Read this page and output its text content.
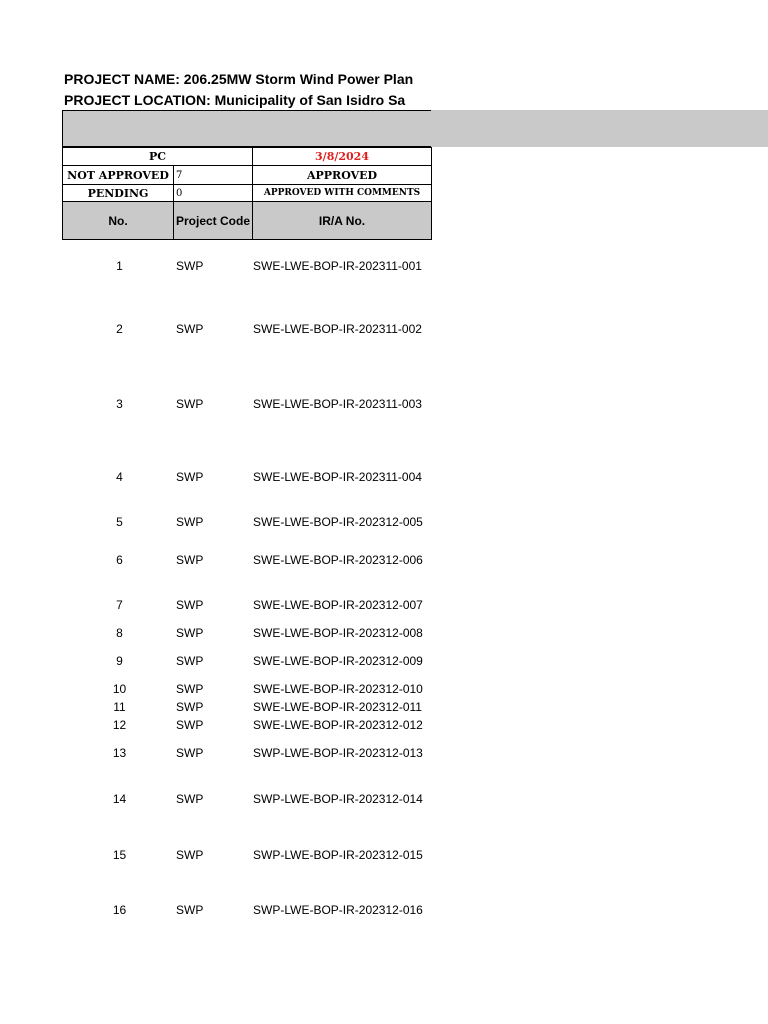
PROJECT NAME: 206.25MW Storm Wind Power Plan
PROJECT LOCATION: Municipality of San Isidro Sa
PC		3/8/2024
NOT APPROVED	7	APPROVED
PENDING	0	APPROVED WITH COMMENTS
No.	Project Code	IR/A No.
1	SWP	SWE-LWE-BOP-IR-202311-001
2	SWP	SWE-LWE-BOP-IR-202311-002
3	SWP	SWE-LWE-BOP-IR-202311-003
4	SWP	SWE-LWE-BOP-IR-202311-004
5	SWP	SWE-LWE-BOP-IR-202312-005
6	SWP	SWE-LWE-BOP-IR-202312-006
7	SWP	SWE-LWE-BOP-IR-202312-007
8	SWP	SWE-LWE-BOP-IR-202312-008
9	SWP	SWE-LWE-BOP-IR-202312-009
10	SWP	SWE-LWE-BOP-IR-202312-010
11	SWP	SWE-LWE-BOP-IR-202312-011
12	SWP	SWE-LWE-BOP-IR-202312-012
13	SWP	SWP-LWE-BOP-IR-202312-013
14	SWP	SWP-LWE-BOP-IR-202312-014
15	SWP	SWP-LWE-BOP-IR-202312-015
16	SWP	SWP-LWE-BOP-IR-202312-016
